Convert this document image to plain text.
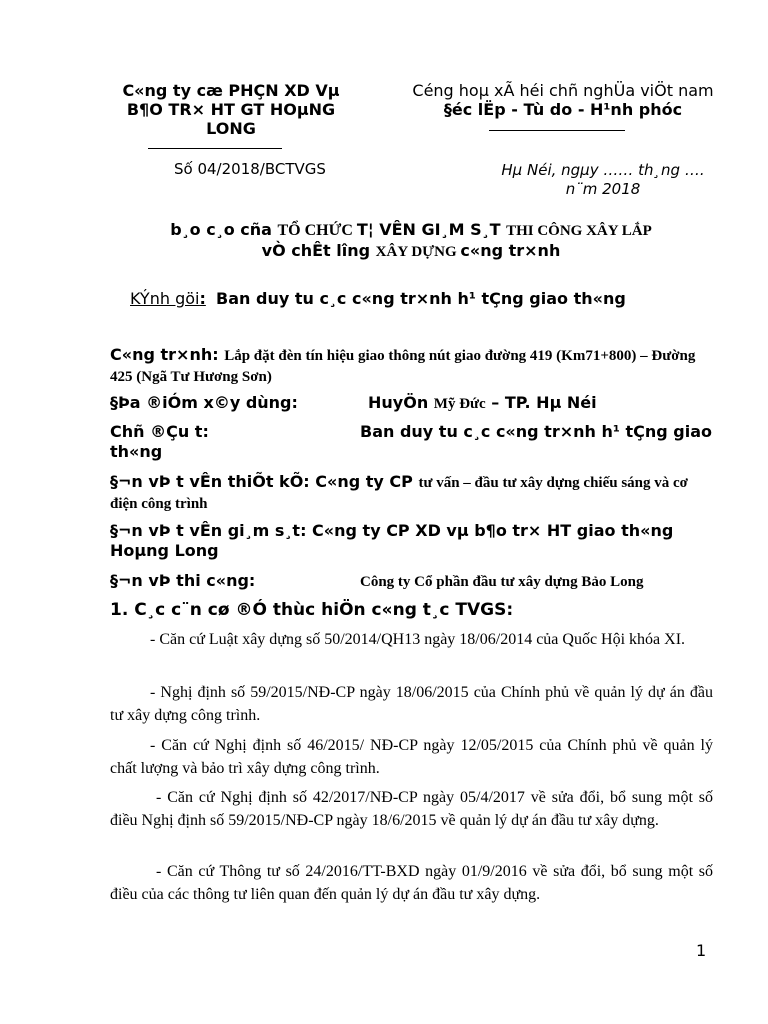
C«ng ty cæ PHÇN XD Vµ
B¶O TR× HT GT HOµNG
LONG
Céng hoµ xÃ héi chñ nghÜa viÖt nam
§éc lËp - Tù do - H¹nh phóc
Số 04/2018/BCTVGS	Hµ Néi, ngµy …… th¸ng ….
n¨m 2018
b¸o c¸o cña TỔ CHỨC T¦ VÊN GI¸M S¸T THI CÔNG XÂY LẮP
vÒ chÊt lîng XÂY DỰNG c«ng tr×nh
KÝnh göi: Ban duy tu c¸c c«ng tr×nh h¹ tÇng giao th«ng
C«ng tr×nh: Lắp đặt đèn tín hiệu giao thông nút giao đường 419 (Km71+800) – Đường 425 (Ngã Tư Hương Sơn)
§Þa ®iÓm x©y dùng:	HuyÖn Mỹ Đức – TP. Hµ Néi
Chñ ®Çu t:	Ban duy tu c¸c c«ng tr×nh h¹ tÇng giao th«ng
§¬n vÞ t vÊn thiÕt kÕ: C«ng ty CP tư vấn – đầu tư xây dựng chiếu sáng và cơ điện công trình
§¬n vÞ t vÊn gi¸m s¸t: C«ng ty CP XD vµ b¶o tr× HT giao th«ng Hoµng Long
§¬n vÞ thi c«ng:	Công ty Cổ phần đầu tư xây dựng Bảo Long
1. C¸c c¨n cø ®Ó thùc hiÖn c«ng t¸c TVGS:
- Căn cứ Luật xây dựng số 50/2014/QH13 ngày 18/06/2014 của Quốc Hội khóa XI.
- Nghị định số 59/2015/NĐ-CP ngày 18/06/2015 của Chính phủ về quản lý dự án đầu tư xây dựng công trình.
- Căn cứ Nghị định số 46/2015/ NĐ-CP ngày 12/05/2015 của Chính phủ về quản lý chất lượng và bảo trì xây dựng công trình.
- Căn cứ Nghị định số 42/2017/NĐ-CP ngày 05/4/2017 về sửa đổi, bổ sung một số điều Nghị định số 59/2015/NĐ-CP ngày 18/6/2015 về quản lý dự án đầu tư xây dựng.
- Căn cứ Thông tư số 24/2016/TT-BXD ngày 01/9/2016 về sửa đổi, bổ sung một số điều của các thông tư liên quan đến quản lý dự án đầu tư xây dựng.
1
